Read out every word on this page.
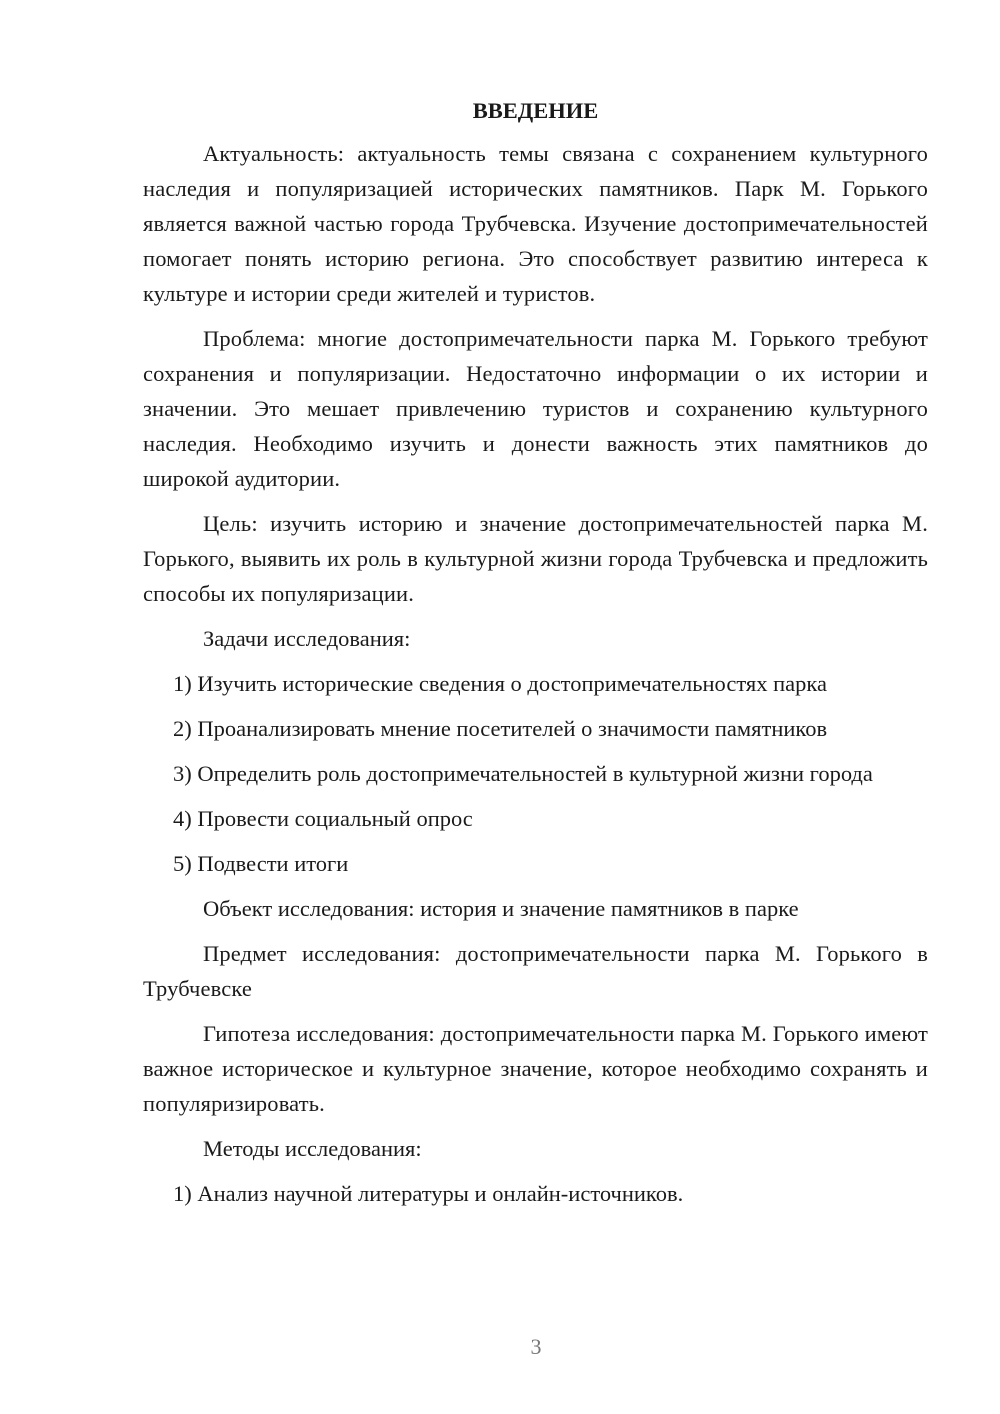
ВВЕДЕНИЕ

Актуальность: актуальность темы связана с сохранением культурного наследия и популяризацией исторических памятников. Парк М. Горького является важной частью города Трубчевска. Изучение достопримечательностей помогает понять историю региона. Это способствует развитию интереса к культуре и истории среди жителей и туристов.

Проблема: многие достопримечательности парка М. Горького требуют сохранения и популяризации. Недостаточно информации о их истории и значении. Это мешает привлечению туристов и сохранению культурного наследия. Необходимо изучить и донести важность этих памятников до широкой аудитории.

Цель: изучить историю и значение достопримечательностей парка М. Горького, выявить их роль в культурной жизни города Трубчевска и предложить способы их популяризации.

Задачи исследования:
1) Изучить исторические сведения о достопримечательностях парка
2) Проанализировать мнение посетителей о значимости памятников
3) Определить роль достопримечательностей в культурной жизни города
4) Провести социальный опрос
5) Подвести итоги
Объект исследования: история и значение памятников в парке

Предмет исследования: достопримечательности парка М. Горького в Трубчевске

Гипотеза исследования: достопримечательности парка М. Горького имеют важное историческое и культурное значение, которое необходимо сохранять и популяризировать.

Методы исследования:
1) Анализ научной литературы и онлайн-источников.
3
